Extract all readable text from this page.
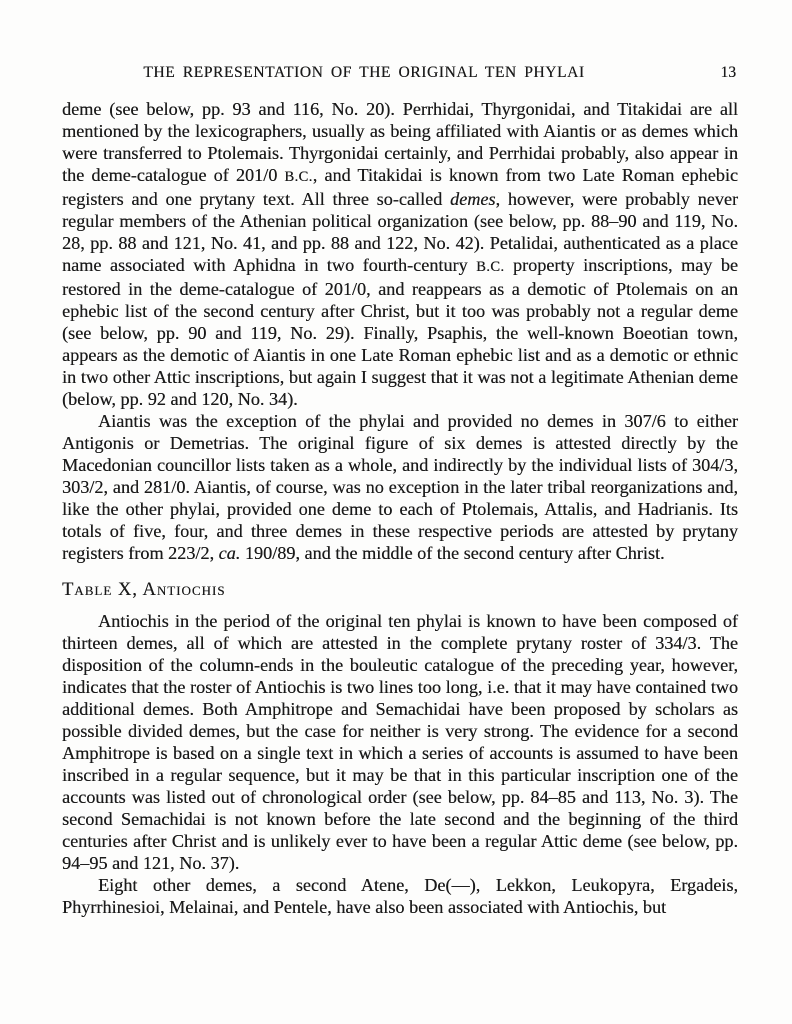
THE REPRESENTATION OF THE ORIGINAL TEN PHYLAI	13

deme (see below, pp. 93 and 116, No. 20). Perrhidai, Thyrgonidai, and Titakidai are all mentioned by the lexicographers, usually as being affiliated with Aiantis or as demes which were transferred to Ptolemais. Thyrgonidai certainly, and Perrhidai probably, also appear in the deme-catalogue of 201/0 B.C., and Titakidai is known from two Late Roman ephebic registers and one prytany text. All three so-called demes, however, were probably never regular members of the Athenian political organization (see below, pp. 88–90 and 119, No. 28, pp. 88 and 121, No. 41, and pp. 88 and 122, No. 42). Petalidai, authenticated as a place name associated with Aphidna in two fourth-century B.C. property inscriptions, may be restored in the deme-catalogue of 201/0, and reappears as a demotic of Ptolemais on an ephebic list of the second century after Christ, but it too was probably not a regular deme (see below, pp. 90 and 119, No. 29). Finally, Psaphis, the well-known Boeotian town, appears as the demotic of Aiantis in one Late Roman ephebic list and as a demotic or ethnic in two other Attic inscriptions, but again I suggest that it was not a legitimate Athenian deme (below, pp. 92 and 120, No. 34).

Aiantis was the exception of the phylai and provided no demes in 307/6 to either Antigonis or Demetrias. The original figure of six demes is attested directly by the Macedonian councillor lists taken as a whole, and indirectly by the individual lists of 304/3, 303/2, and 281/0. Aiantis, of course, was no exception in the later tribal reorganizations and, like the other phylai, provided one deme to each of Ptolemais, Attalis, and Hadrianis. Its totals of five, four, and three demes in these respective periods are attested by prytany registers from 223/2, ca. 190/89, and the middle of the second century after Christ.

Table X, Antiochis

Antiochis in the period of the original ten phylai is known to have been composed of thirteen demes, all of which are attested in the complete prytany roster of 334/3. The disposition of the column-ends in the bouleutic catalogue of the preceding year, however, indicates that the roster of Antiochis is two lines too long, i.e. that it may have contained two additional demes. Both Amphitrope and Semachidai have been proposed by scholars as possible divided demes, but the case for neither is very strong. The evidence for a second Amphitrope is based on a single text in which a series of accounts is assumed to have been inscribed in a regular sequence, but it may be that in this particular inscription one of the accounts was listed out of chronological order (see below, pp. 84–85 and 113, No. 3). The second Semachidai is not known before the late second and the beginning of the third centuries after Christ and is unlikely ever to have been a regular Attic deme (see below, pp. 94–95 and 121, No. 37).

Eight other demes, a second Atene, De(––), Lekkon, Leukopyra, Ergadeis, Phyrrhinesioi, Melainai, and Pentele, have also been associated with Antiochis, but
